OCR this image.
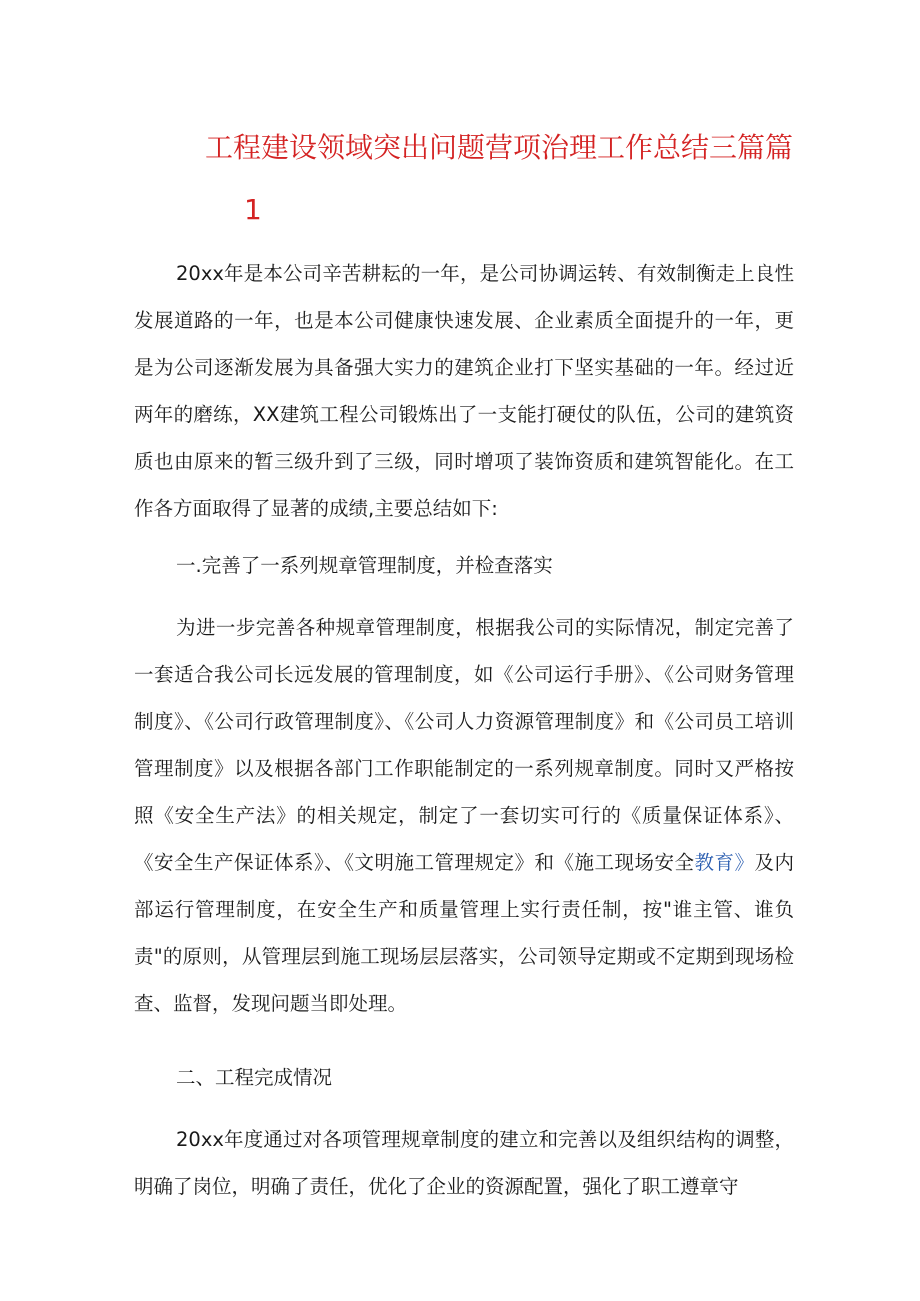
工程建设领域突出问题营项治理工作总结三篇篇
1

20xx年是本公司辛苦耕耘的一年，是公司协调运转、有效制衡走上良性发展道路的一年，也是本公司健康快速发展、企业素质全面提升的一年，更是为公司逐渐发展为具备强大实力的建筑企业打下坚实基础的一年。经过近两年的磨练，XX建筑工程公司锻炼出了一支能打硬仗的队伍，公司的建筑资质也由原来的暂三级升到了三级，同时增项了装饰资质和建筑智能化。在工作各方面取得了显著的成绩,主要总结如下:

一.完善了一系列规章管理制度，并检查落实

为进一步完善各种规章管理制度，根据我公司的实际情况，制定完善了一套适合我公司长远发展的管理制度，如《公司运行手册》、《公司财务管理制度》、《公司行政管理制度》、《公司人力资源管理制度》和《公司员工培训管理制度》以及根据各部门工作职能制定的一系列规章制度。同时又严格按照《安全生产法》的相关规定，制定了一套切实可行的《质量保证体系》、《安全生产保证体系》、《文明施工管理规定》和《施工现场安全教育》及内部运行管理制度，在安全生产和质量管理上实行责任制，按"谁主管、谁负责"的原则，从管理层到施工现场层层落实，公司领导定期或不定期到现场检查、监督，发现问题当即处理。

二、工程完成情况

20xx年度通过对各项管理规章制度的建立和完善以及组织结构的调整，明确了岗位，明确了责任，优化了企业的资源配置，强化了职工遵章守
